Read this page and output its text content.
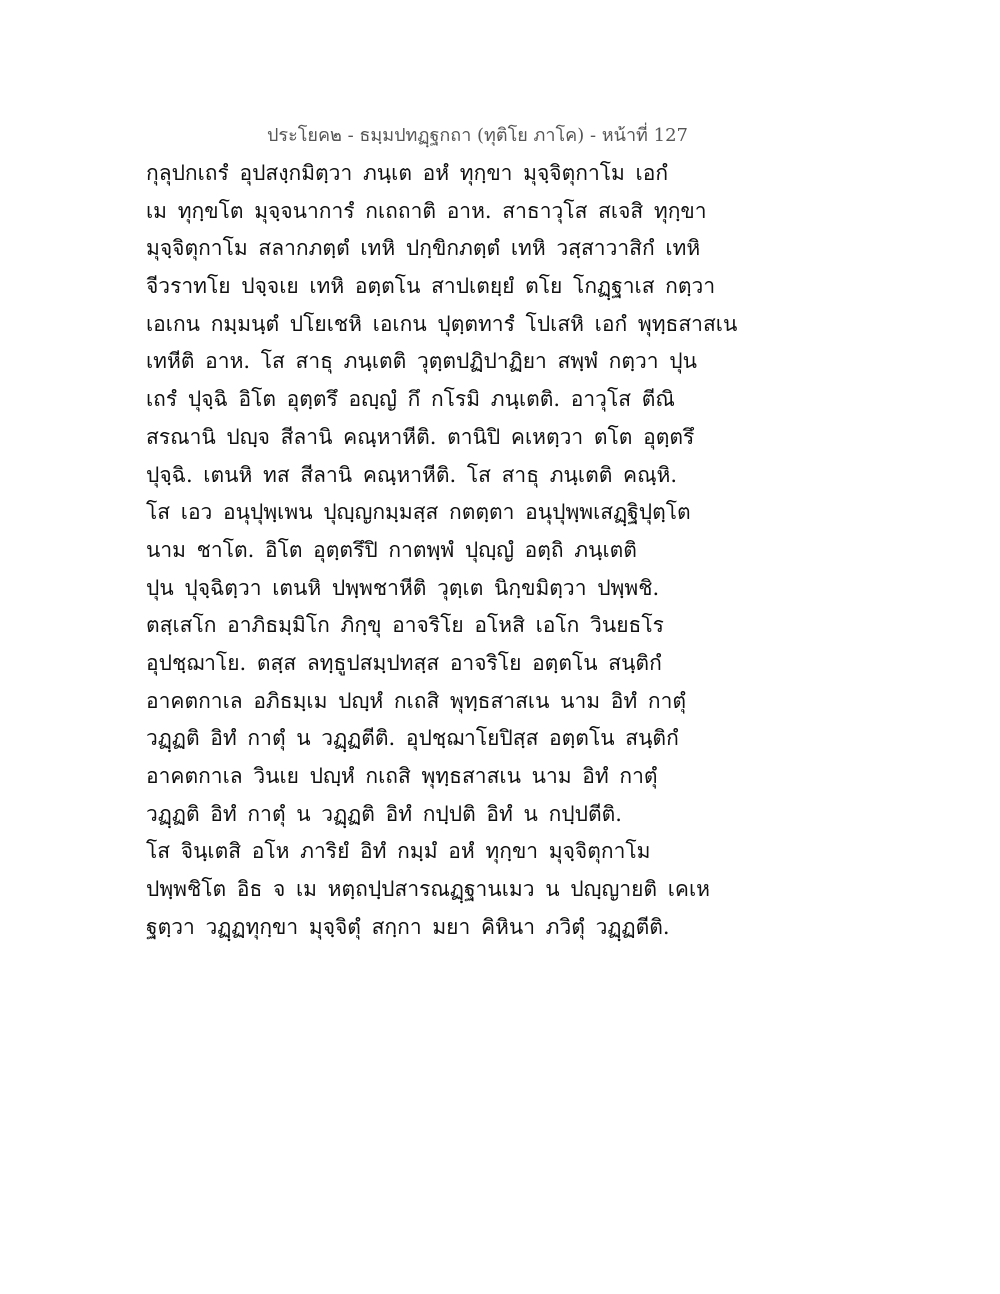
ประโยค๒ - ธมฺมปทฏฺฐกถา (ทุติโย ภาโค) - หน้าที่ 127
กุลุปกเถรํ อุปสงฺกมิตฺวา ภนฺเต อหํ ทุกฺขา มุจฺจิตุกาโม เอกํ
เม ทุกฺขโต มุจฺจนาการํ กเถถาติ อาห. สาธาวุโส สเจสิ ทุกฺขา
มุจฺจิตุกาโม สลากภตฺตํ เทหิ ปกฺขิกภตฺตํ เทหิ วสฺสาวาสิกํ เทหิ
จีวราทโย ปจฺจเย เทหิ อตฺตโน สาปเตยฺยํ ตโย โกฏฺฐาเส กตฺวา
เอเกน กมฺมนฺตํ ปโยเชหิ เอเกน ปุตฺตทารํ โปเสหิ เอกํ พุทฺธสาสเน
เทหีติ อาห. โส สาธุ ภนฺเตติ วุตฺตปฏิปาฏิยา สพฺพํ กตฺวา ปุน
เถรํ ปุจฺฉิ อิโต อุตฺตรึ อญฺญํ กึ กโรมิ ภนฺเตติ. อาวุโส ตีณิ
สรณานิ ปญฺจ สีลานิ คณฺหาหีติ. ตานิปิ คเหตฺวา ตโต อุตฺตรึ
ปุจฺฉิ. เตนหิ ทส สีลานิ คณฺหาหีติ. โส สาธุ ภนฺเตติ คณฺหิ.
โส เอว อนุปุพฺเพน ปุญฺญกมฺมสฺส กตตฺตา อนุปุพฺพเสฏฺฐิปุตฺโต
นาม ชาโต. อิโต อุตฺตรึปิ กาตพฺพํ ปุญฺญํ อตฺถิ ภนฺเตติ
ปุน ปุจฺฉิตฺวา เตนหิ ปพฺพชาหีติ วุตฺเต นิกฺขมิตฺวา ปพฺพชิ.
ตสฺเสโก อาภิธมฺมิโก ภิกฺขุ อาจริโย อโหสิ เอโก วินยธโร
อุปชฺฌาโย. ตสฺส ลทฺธูปสมฺปทสฺส อาจริโย อตฺตโน สนฺติกํ
อาคตกาเล อภิธมฺเม ปญฺหํ กเถสิ พุทฺธสาสเน นาม อิทํ กาตุํ
วฏฺฏติ อิทํ กาตุํ น วฏฺฏตีติ. อุปชฺฌาโยปิสฺส อตฺตโน สนฺติกํ
อาคตกาเล วินเย ปญฺหํ กเถสิ พุทฺธสาสเน นาม อิทํ กาตุํ
วฏฺฏติ อิทํ กาตุํ น วฏฺฏติ อิทํ กปฺปติ อิทํ น กปฺปตีติ.
โส จินฺเตสิ อโห ภาริยํ อิทํ กมฺมํ อหํ ทุกฺขา มุจฺจิตุกาโม
ปพฺพชิโต อิธ จ เม หตฺถปฺปสารณฏฺฐานเมว น ปญฺญายติ เคเห
ฐตฺวา วฏฺฏทุกฺขา มุจฺจิตุํ สกฺกา มยา คิหินา ภวิตุํ วฏฺฏตีติ.
